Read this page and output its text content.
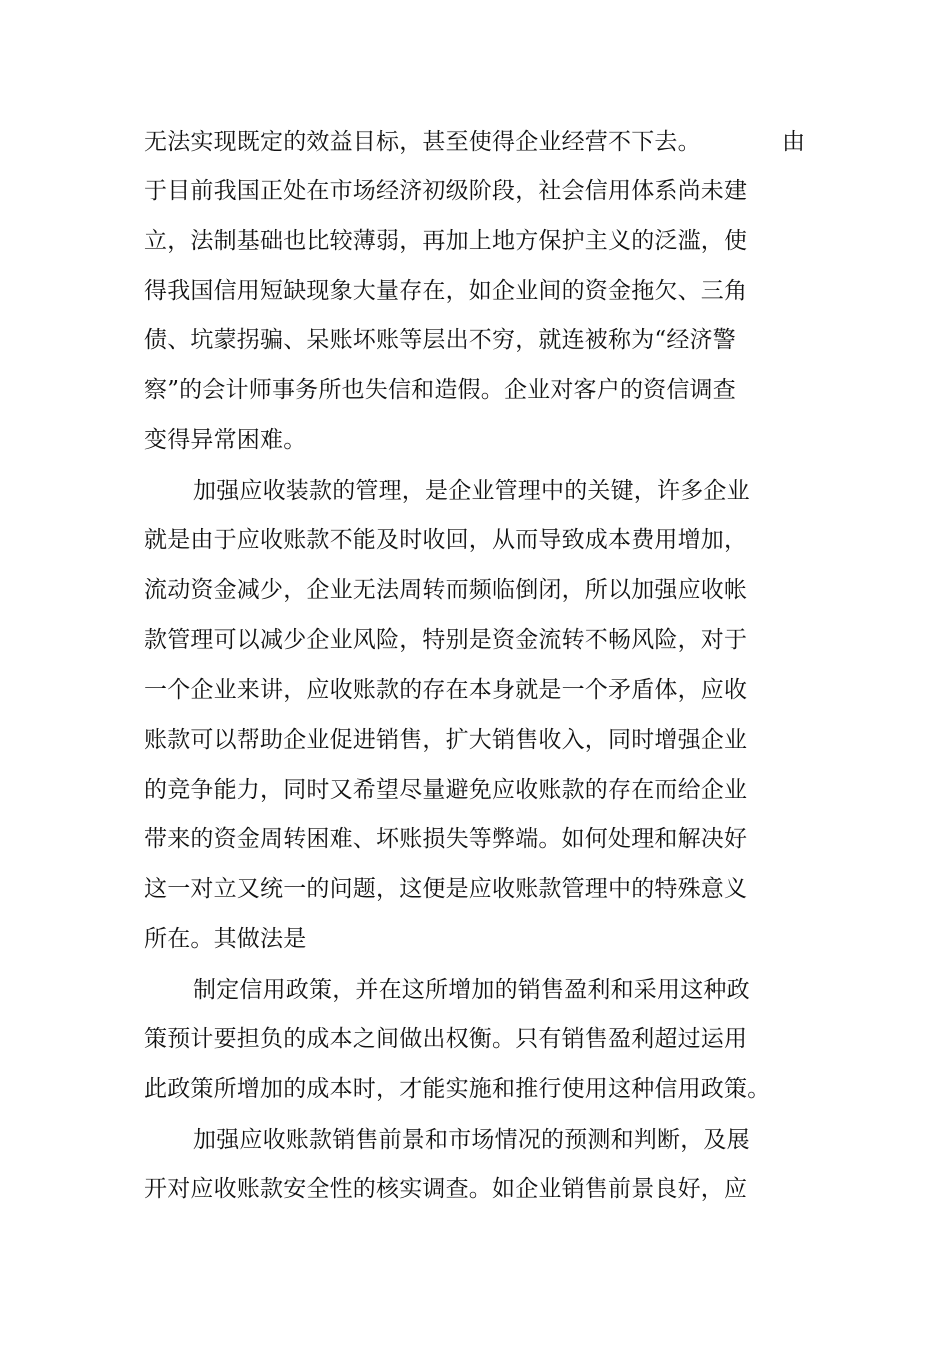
无法实现既定的效益目标，甚至使得企业经营不下去。	由
于目前我国正处在市场经济初级阶段，社会信用体系尚未建
立，法制基础也比较薄弱，再加上地方保护主义的泛滥，使
得我国信用短缺现象大量存在，如企业间的资金拖欠、三角
债、坑蒙拐骗、呆账坏账等层出不穷，就连被称为“经济警
察”的会计师事务所也失信和造假。企业对客户的资信调查
变得异常困难。
加强应收装款的管理，是企业管理中的关键，许多企业
就是由于应收账款不能及时收回，从而导致成本费用增加，
流动资金减少，企业无法周转而频临倒闭，所以加强应收帐
款管理可以减少企业风险，特别是资金流转不畅风险，对于
一个企业来讲，应收账款的存在本身就是一个矛盾体，应收
账款可以帮助企业促进销售，扩大销售收入，同时增强企业
的竞争能力，同时又希望尽量避免应收账款的存在而给企业
带来的资金周转困难、坏账损失等弊端。如何处理和解决好
这一对立又统一的问题，这便是应收账款管理中的特殊意义
所在。其做法是
制定信用政策，并在这所增加的销售盈利和采用这种政
策预计要担负的成本之间做出权衡。只有销售盈利超过运用
此政策所增加的成本时，才能实施和推行使用这种信用政策。
加强应收账款销售前景和市场情况的预测和判断，及展
开对应收账款安全性的核实调查。如企业销售前景良好，应
